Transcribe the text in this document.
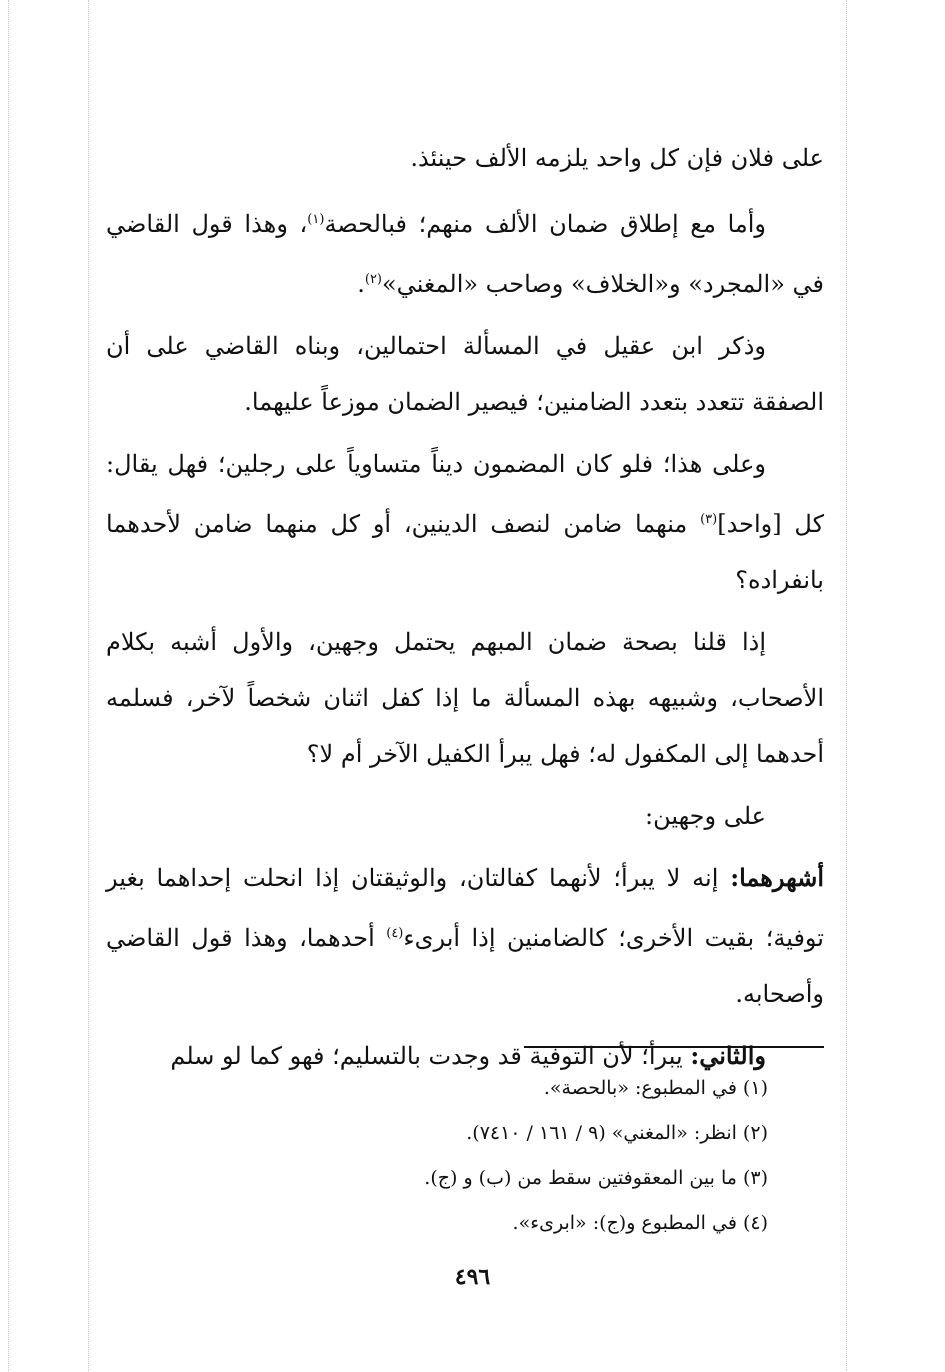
على فلان فإن كل واحد يلزمه الألف حينئذ.

وأما مع إطلاق ضمان الألف منهم؛ فبالحصة$^{(١)}$، وهذا قول القاضي في «المجرد» و«الخلاف» وصاحب «المغني»$^{(٢)}$.

وذكر ابن عقيل في المسألة احتمالين، وبناه القاضي على أن الصفقة تتعدد بتعدد الضامنين؛ فيصير الضمان موزعاً عليهما.

وعلى هذا؛ فلو كان المضمون ديناً متساوياً على رجلين؛ فهل يقال: كل [واحد]$^{(٣)}$ منهما ضامن لنصف الدينين، أو كل منهما ضامن لأحدهما بانفراده؟

إذا قلنا بصحة ضمان المبهم يحتمل وجهين، والأول أشبه بكلام الأصحاب، وشبيهه بهذه المسألة ما إذا كفل اثنان شخصاً لآخر، فسلمه أحدهما إلى المكفول له؛ فهل يبرأ الكفيل الآخر أم لا؟

على وجهين:

أشهرهما: إنه لا يبرأ؛ لأنهما كفالتان، والوثيقتان إذا انحلت إحداهما بغير توفية؛ بقيت الأخرى؛ كالضامنين إذا أبرىء$^{(٤)}$ أحدهما، وهذا قول القاضي وأصحابه.

والثاني: يبرأ؛ لأن التوفية قد وجدت بالتسليم؛ فهو كما لو سلم

(١) في المطبوع: «بالحصة».

(٢) انظر: «المغني» (٩ / ١٦١ / ٧٤١٠).

(٣) ما بين المعقوفتين سقط من (ب) و (ج).

(٤) في المطبوع و(ج): «ابرىء».

٤٩٦
